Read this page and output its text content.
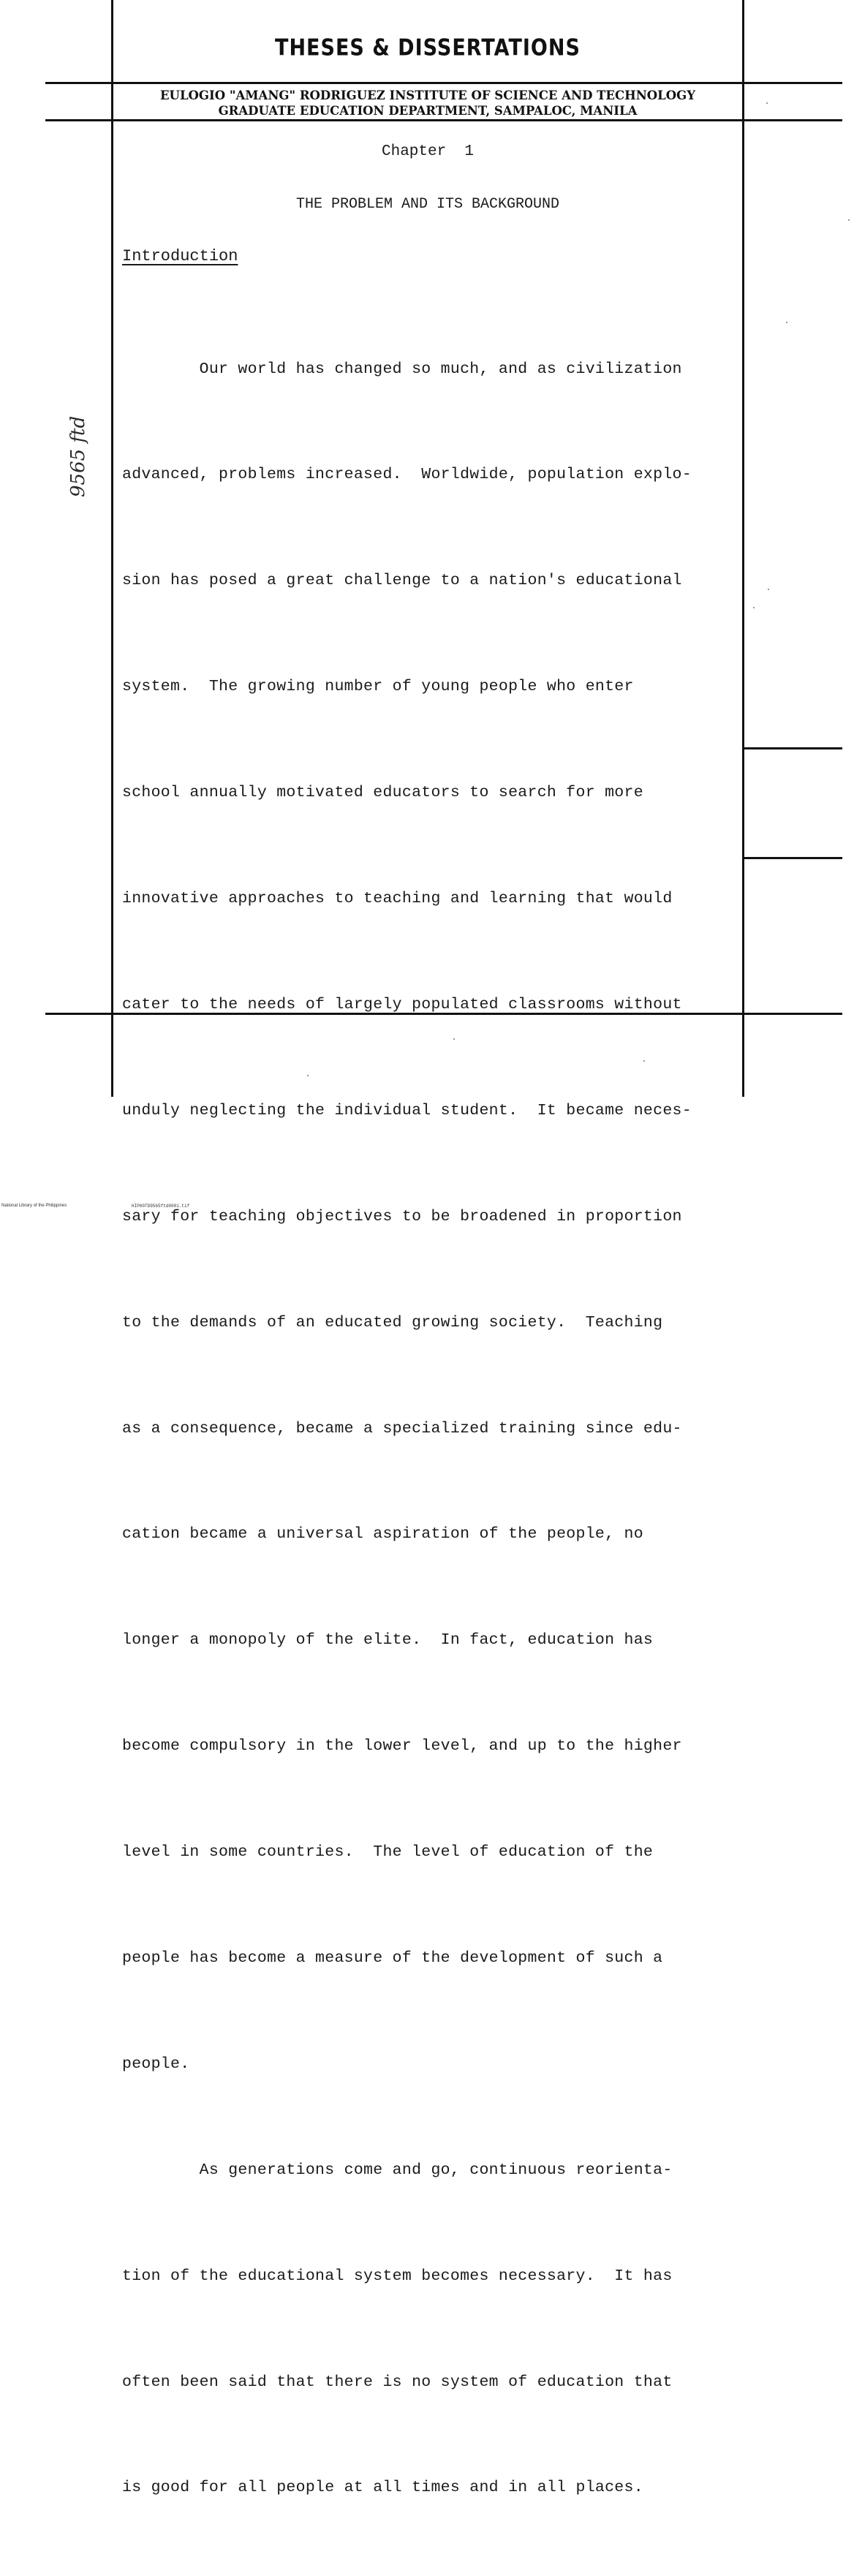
THESES & DISSERTATIONS
EULOGIO "AMANG" RODRIGUEZ INSTITUTE OF SCIENCE AND TECHNOLOGY
GRADUATE EDUCATION DEPARTMENT, SAMPALOC, MANILA
Chapter  1
THE PROBLEM AND ITS BACKGROUND
Introduction

Our world has changed so much, and as civilization

advanced, problems increased.  Worldwide, population explo-

sion has posed a great challenge to a nation's educational

system.  The growing number of young people who enter

school annually motivated educators to search for more

innovative approaches to teaching and learning that would

cater to the needs of largely populated classrooms without

unduly neglecting the individual student.  It became neces-

sary for teaching objectives to be broadened in proportion

to the demands of an educated growing society.  Teaching

as a consequence, became a specialized training since edu-

cation became a universal aspiration of the people, no

longer a monopoly of the elite.  In fact, education has

become compulsory in the lower level, and up to the higher

level in some countries.  The level of education of the

people has become a measure of the development of such a

people.

As generations come and go, continuous reorienta-

tion of the educational system becomes necessary.  It has

often been said that there is no system of education that

is good for all people at all times and in all places.

9565 ftd
National Library of the Philippines	HIP00TD9565ftd0001.tif
